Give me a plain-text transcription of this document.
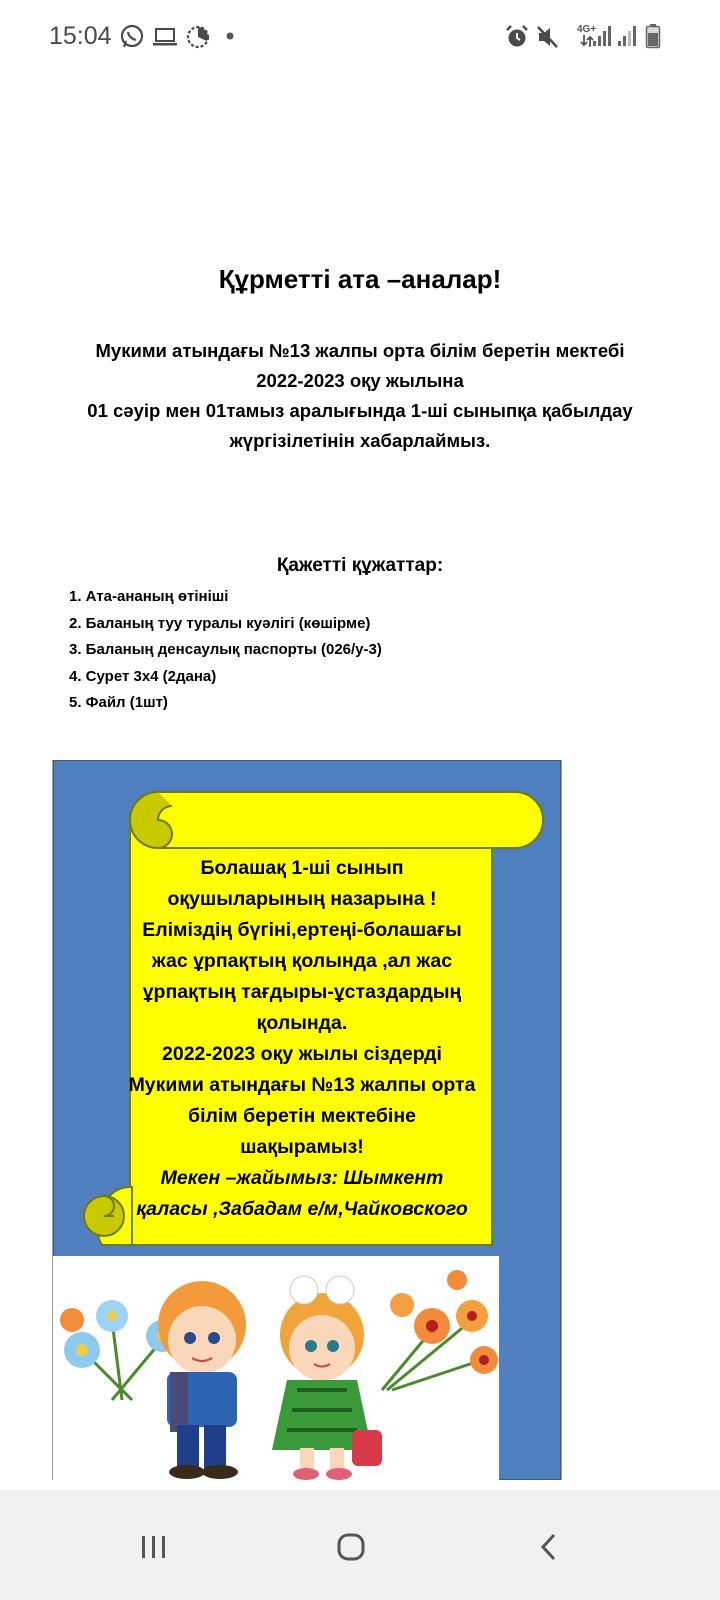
15:04	4G+

Құрметті ата –аналар!
Мукими атындағы №13 жалпы орта білім беретін мектебі
2022-2023 оқу жылына
01 сәуір мен 01тамыз аралығында 1-ші сыныпқа қабылдау
жүргізілетінін хабарлаймыз.
Қажетті құжаттар:
1. Ата-ананың өтініші
2. Баланың туу туралы куәлігі (көшірме)
3. Баланың денсаулық паспорты (026/у-3)
4. Сурет 3х4 (2дана)
5. Файл (1шт)
Болашақ 1-ші сынып
оқушыларының назарына !
Еліміздің бүгіні,ертеңі-болашағы
жас ұрпақтың қолында ,ал жас
ұрпақтың тағдыры-ұстаздардың
қолында.
2022-2023 оқу жылы сіздерді
Мукими атындағы №13 жалпы орта
білім беретін мектебіне
шақырамыз!
Мекен –жайымыз: Шымкент
қаласы ,Забадам е/м,Чайковского
